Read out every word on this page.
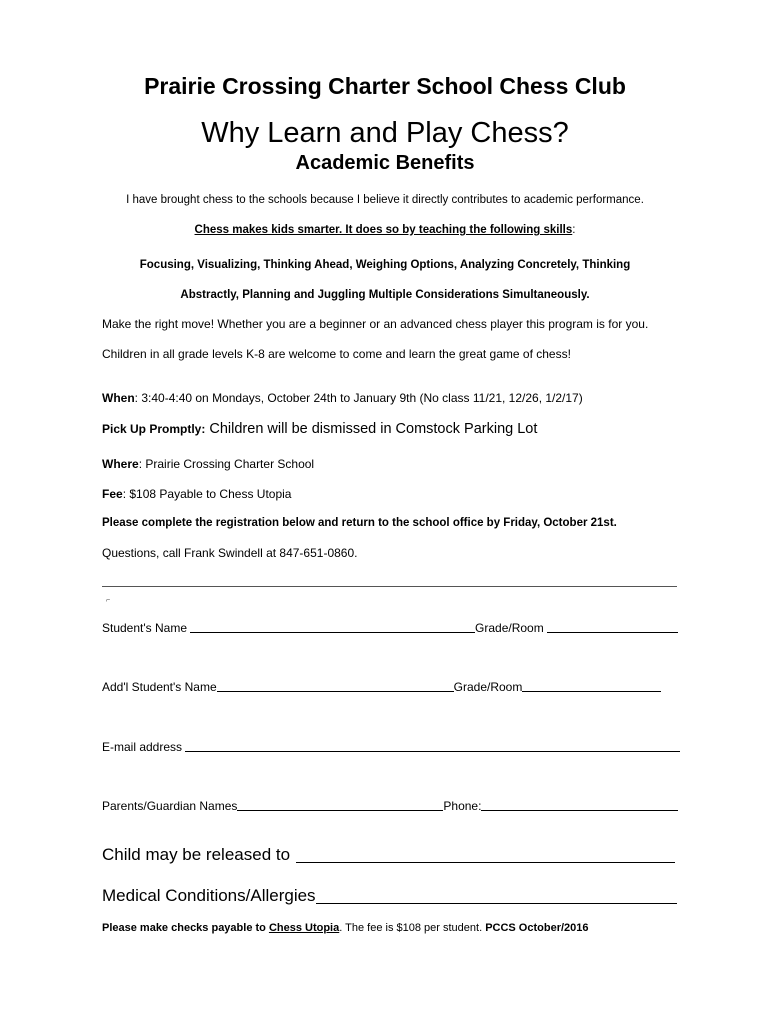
Prairie Crossing Charter School Chess Club
Why Learn and Play Chess?
Academic Benefits
I have brought chess to the schools because I believe it directly contributes to academic performance.
Chess makes kids smarter. It does so by teaching the following skills:
Focusing, Visualizing, Thinking Ahead, Weighing Options, Analyzing Concretely, Thinking
Abstractly, Planning and Juggling Multiple Considerations Simultaneously.
Make the right move! Whether you are a beginner or an advanced chess player this program is for you.
Children in all grade levels K-8 are welcome to come and learn the great game of chess!
When: 3:40-4:40 on Mondays, October 24th to January 9th (No class 11/21, 12/26, 1/2/17)
Pick Up Promptly: Children will be dismissed in Comstock Parking Lot
Where: Prairie Crossing Charter School
Fee: $108 Payable to Chess Utopia
Please complete the registration below and return to the school office by Friday, October 21st.
Questions, call Frank Swindell at 847-651-0860.
⌐
Student's Name	Grade/Room
Add'l Student's Name	Grade/Room
E-mail address
Parents/Guardian Names	Phone:
Child may be released to
Medical Conditions/Allergies
Please make checks payable to Chess Utopia. The fee is $108 per student. PCCS October/2016
